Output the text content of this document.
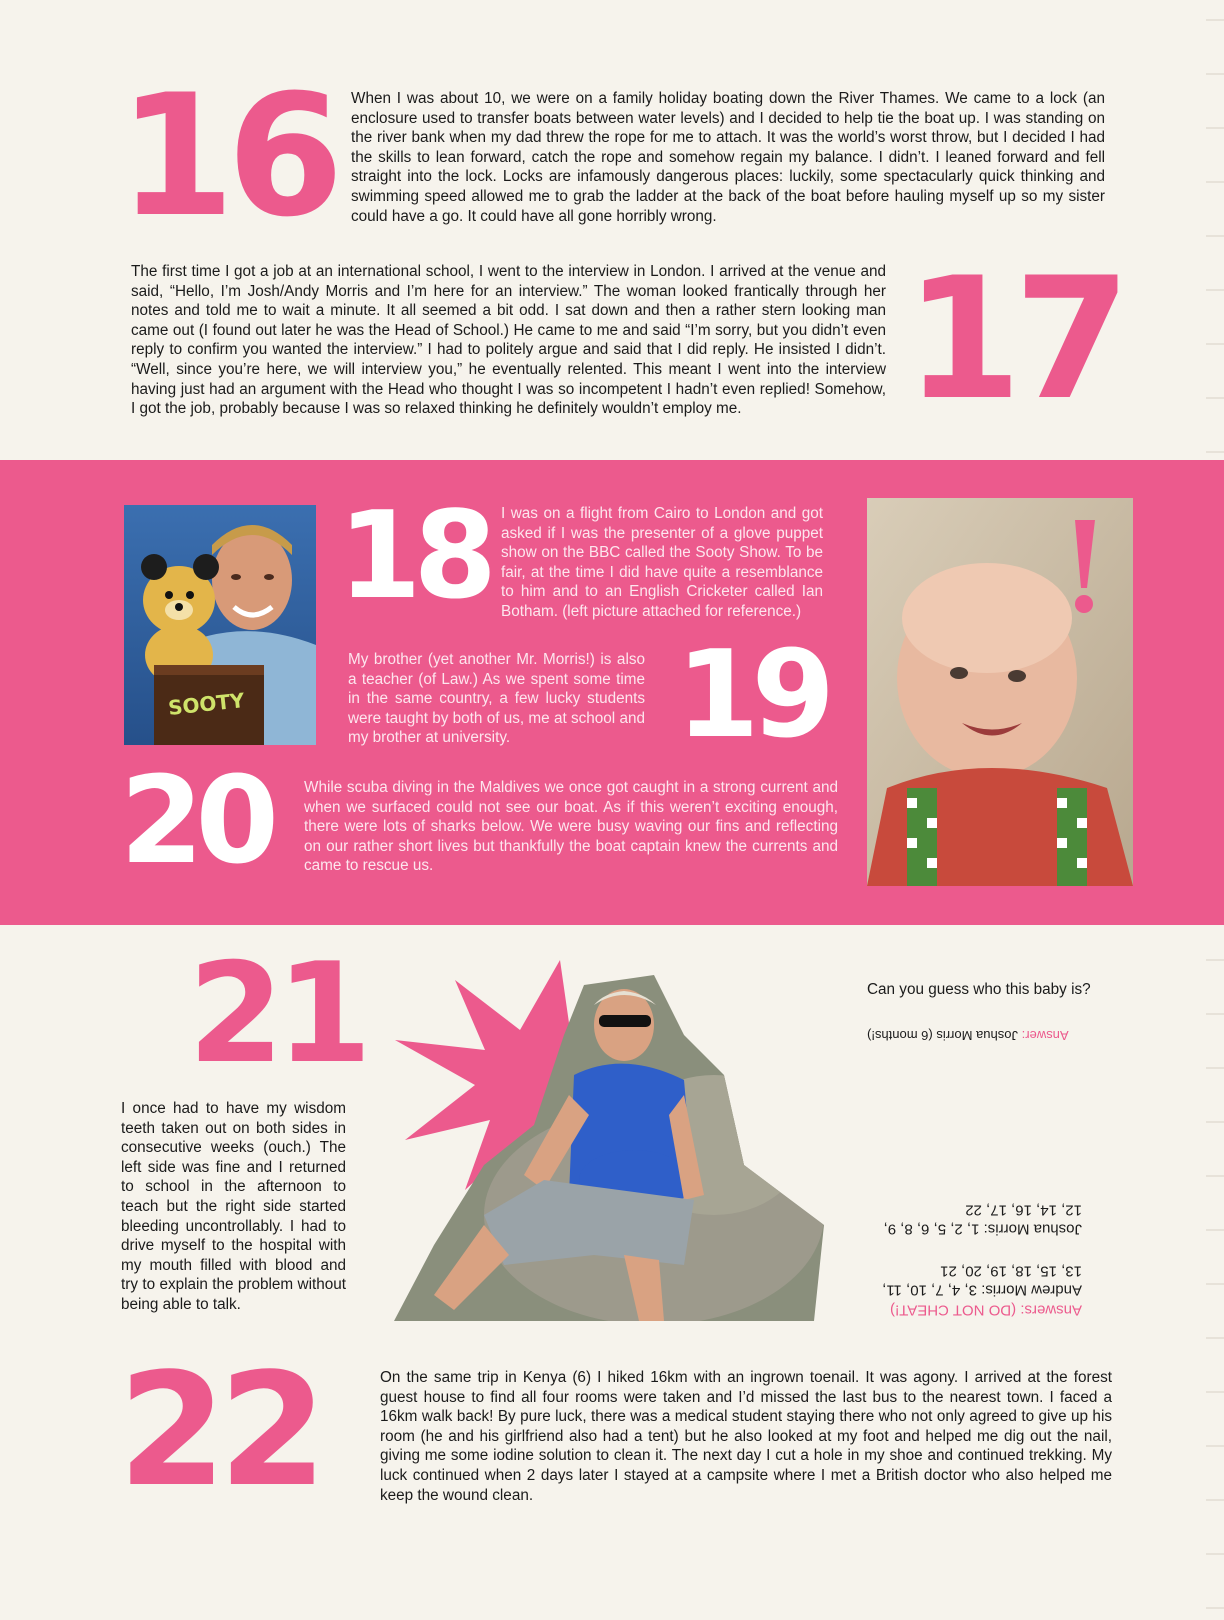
16 When I was about 10, we were on a family holiday boating down the River Thames. We came to a lock (an enclosure used to transfer boats between water levels) and I decided to help tie the boat up. I was standing on the river bank when my dad threw the rope for me to attach. It was the world’s worst throw, but I decided I had the skills to lean forward, catch the rope and somehow regain my balance. I didn’t. I leaned forward and fell straight into the lock. Locks are infamously dangerous places: luckily, some spectacularly quick thinking and swimming speed allowed me to grab the ladder at the back of the boat before hauling myself up so my sister could have a go. It could have all gone horribly wrong.

The first time I got a job at an international school, I went to the interview in London. I arrived at the venue and said, “Hello, I’m Josh/Andy Morris and I’m here for an interview.” The woman looked frantically through her notes and told me to wait a minute. It all seemed a bit odd. I sat down and then a rather stern looking man came out (I found out later he was the Head of School.) He came to me and said “I’m sorry, but you didn’t even reply to confirm you wanted the interview.” I had to politely argue and said that I did reply. He insisted I didn’t. “Well, since you’re here, we will interview you,” he eventually relented. This meant I went into the interview having just had an argument with the Head who thought I was so incompetent I hadn’t even replied! Somehow, I got the job, probably because I was so relaxed thinking he definitely wouldn’t employ me. 17
SOOTY
18 I was on a flight from Cairo to London and got asked if I was the presenter of a glove puppet show on the BBC called the Sooty Show. To be fair, at the time I did have quite a resemblance to him and to an English Cricketer called Ian Botham. (left picture attached for reference.)

My brother (yet another Mr. Morris!) is also a teacher (of Law.) As we spent some time in the same country, a few lucky students were taught by both of us, me at school and my brother at university.	19
20 While scuba diving in the Maldives we once got caught in a strong current and when we surfaced could not see our boat. As if this weren’t exciting enough, there were lots of sharks below. We were busy waving our fins and reflecting on our rather short lives but thankfully the boat captain knew the currents and came to rescue us.

21

I once had to have my wisdom teeth taken out on both sides in consecutive weeks (ouch.) The left side was fine and I returned to school in the afternoon to teach but the right side started bleeding uncontrollably. I had to drive myself to the hospital with my mouth filled with blood and try to explain the problem without being able to talk.

Can you guess who this baby is?

Answer: Joshua Morris (6 months!)
Answers: (DO NOT CHEAT!)
Andrew Morris: 3, 4, 7, 10, 11, 13, 15, 18, 19, 20, 21
Joshua Morris: 1, 2, 5, 6, 8, 9, 12, 14, 16, 17, 22
22	On the same trip in Kenya (6) I hiked 16km with an ingrown toenail. It was agony. I arrived at the forest guest house to find all four rooms were taken and I’d missed the last bus to the nearest town. I faced a 16km walk back! By pure luck, there was a medical student staying there who not only agreed to give up his room (he and his girlfriend also had a tent) but he also looked at my foot and helped me dig out the nail, giving me some iodine solution to clean it. The next day I cut a hole in my shoe and continued trekking. My luck continued when 2 days later I stayed at a campsite where I met a British doctor who also helped me keep the wound clean.
